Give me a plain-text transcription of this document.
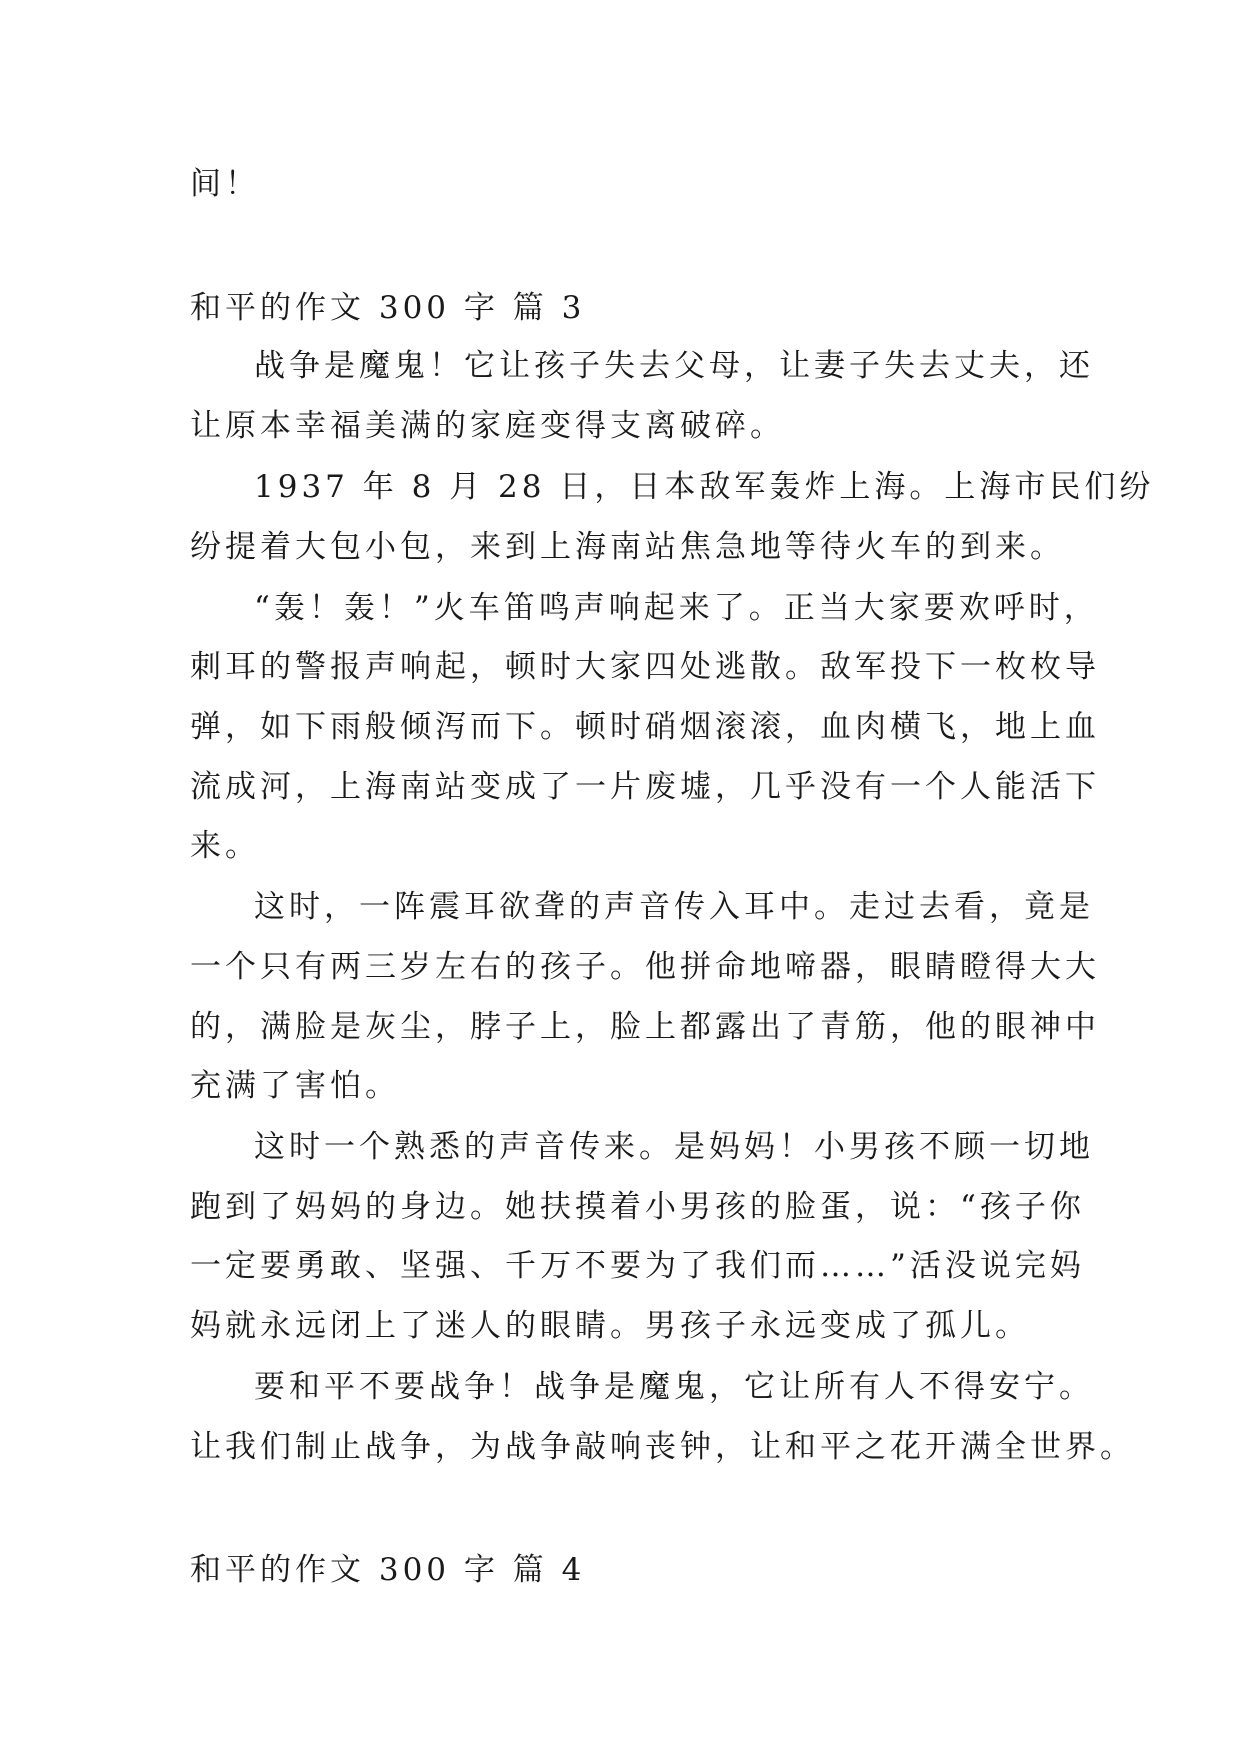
间！
和平的作文 300 字 篇 3
战争是魔鬼！它让孩子失去父母，让妻子失去丈夫，还
让原本幸福美满的家庭变得支离破碎。
1937 年 8 月 28 日，日本敌军轰炸上海。上海市民们纷
纷提着大包小包，来到上海南站焦急地等待火车的到来。
“轰！轰！”火车笛鸣声响起来了。正当大家要欢呼时，
刺耳的警报声响起，顿时大家四处逃散。敌军投下一枚枚导
弹，如下雨般倾泻而下。顿时硝烟滚滚，血肉横飞，地上血
流成河，上海南站变成了一片废墟，几乎没有一个人能活下
来。
这时，一阵震耳欲聋的声音传入耳中。走过去看，竟是
一个只有两三岁左右的孩子。他拼命地啼器，眼睛瞪得大大
的，满脸是灰尘，脖子上，脸上都露出了青筋，他的眼神中
充满了害怕。
这时一个熟悉的声音传来。是妈妈！小男孩不顾一切地
跑到了妈妈的身边。她扶摸着小男孩的脸蛋，说：“孩子你
一定要勇敢、坚强、千万不要为了我们而……”活没说完妈
妈就永远闭上了迷人的眼睛。男孩子永远变成了孤儿。
要和平不要战争！战争是魔鬼，它让所有人不得安宁。
让我们制止战争，为战争敲响丧钟，让和平之花开满全世界。
和平的作文 300 字 篇 4
